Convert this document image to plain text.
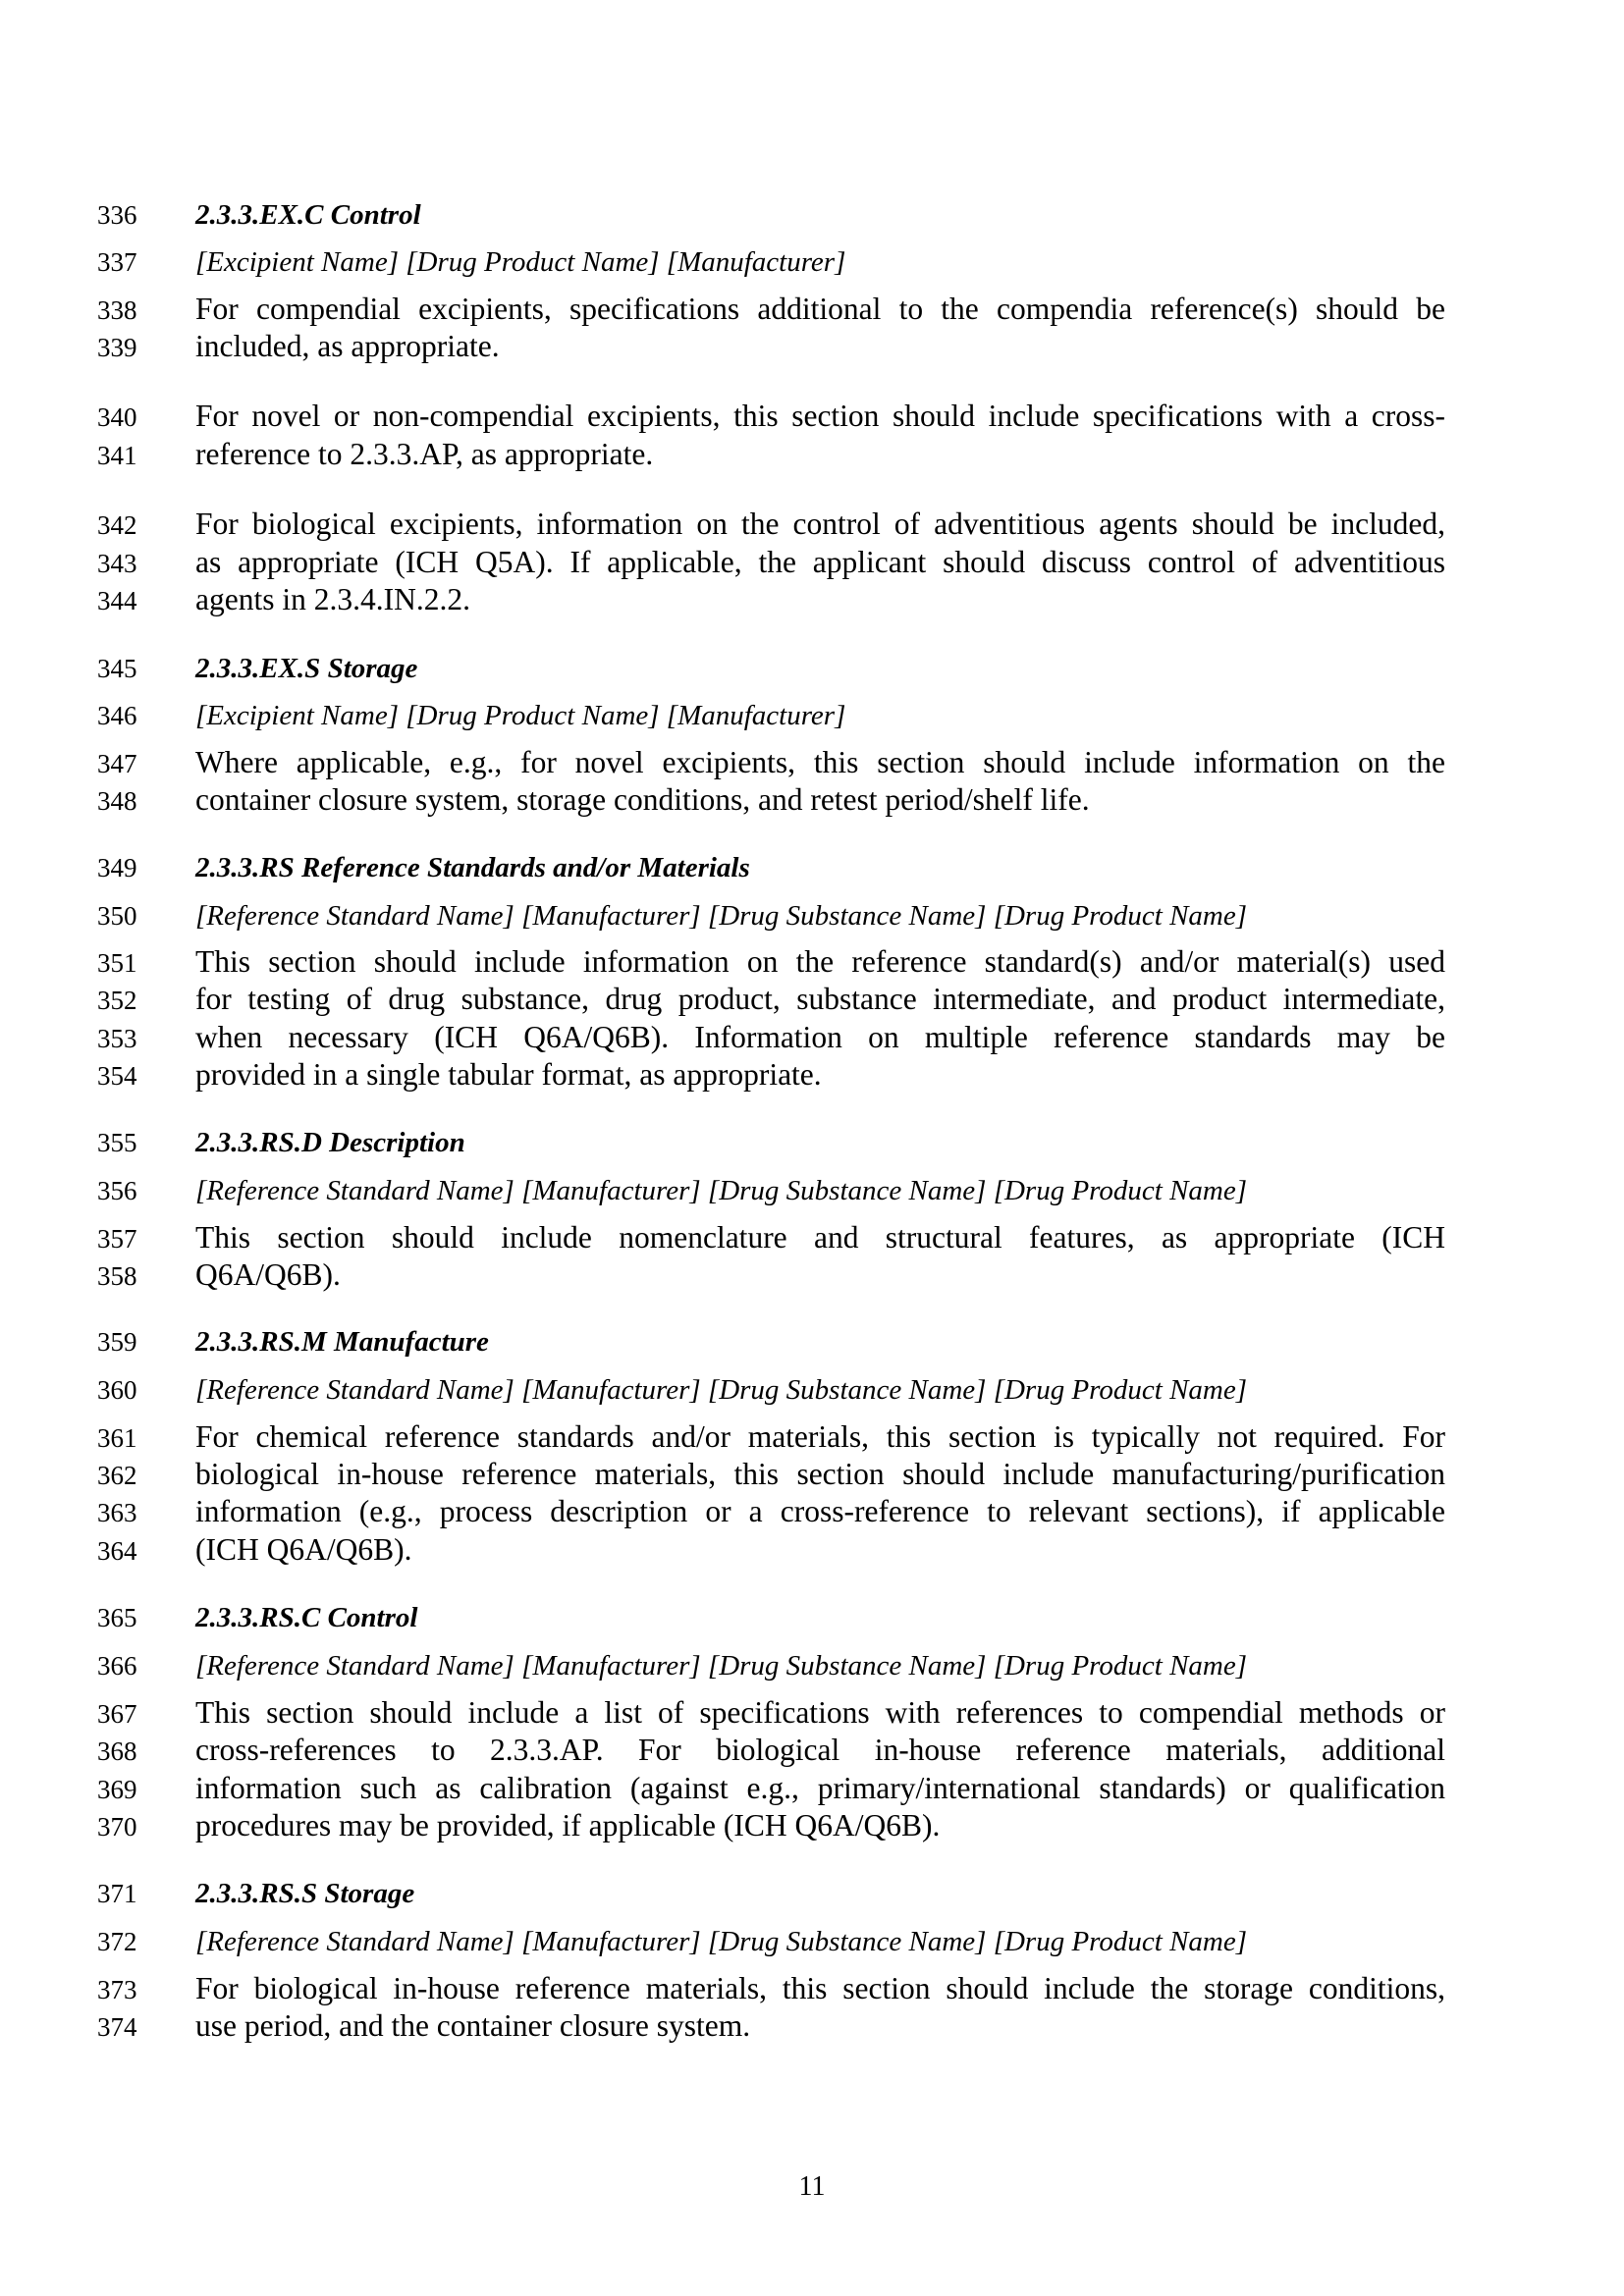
336	2.3.3.EX.C Control
337	[Excipient Name] [Drug Product Name] [Manufacturer]
338	For compendial excipients, specifications additional to the compendia reference(s) should be
339	included, as appropriate.
340	For novel or non-compendial excipients, this section should include specifications with a cross-
341	reference to 2.3.3.AP, as appropriate.
342	For biological excipients, information on the control of adventitious agents should be included,
343	as appropriate (ICH Q5A). If applicable, the applicant should discuss control of adventitious
344	agents in 2.3.4.IN.2.2.
345	2.3.3.EX.S Storage
346	[Excipient Name] [Drug Product Name] [Manufacturer]
347	Where applicable, e.g., for novel excipients, this section should include information on the
348	container closure system, storage conditions, and retest period/shelf life.
349	2.3.3.RS Reference Standards and/or Materials
350	[Reference Standard Name] [Manufacturer] [Drug Substance Name] [Drug Product Name]
351	This section should include information on the reference standard(s) and/or material(s) used
352	for testing of drug substance, drug product, substance intermediate, and product intermediate,
353	when necessary (ICH Q6A/Q6B). Information on multiple reference standards may be
354	provided in a single tabular format, as appropriate.
355	2.3.3.RS.D Description
356	[Reference Standard Name] [Manufacturer] [Drug Substance Name] [Drug Product Name]
357	This section should include nomenclature and structural features, as appropriate (ICH
358	Q6A/Q6B).
359	2.3.3.RS.M Manufacture
360	[Reference Standard Name] [Manufacturer] [Drug Substance Name] [Drug Product Name]
361	For chemical reference standards and/or materials, this section is typically not required. For
362	biological in-house reference materials, this section should include manufacturing/purification
363	information (e.g., process description or a cross-reference to relevant sections), if applicable
364	(ICH Q6A/Q6B).
365	2.3.3.RS.C Control
366	[Reference Standard Name] [Manufacturer] [Drug Substance Name] [Drug Product Name]
367	This section should include a list of specifications with references to compendial methods or
368	cross-references to 2.3.3.AP. For biological in-house reference materials, additional
369	information such as calibration (against e.g., primary/international standards) or qualification
370	procedures may be provided, if applicable (ICH Q6A/Q6B).
371	2.3.3.RS.S Storage
372	[Reference Standard Name] [Manufacturer] [Drug Substance Name] [Drug Product Name]
373	For biological in-house reference materials, this section should include the storage conditions,
374	use period, and the container closure system.
11
